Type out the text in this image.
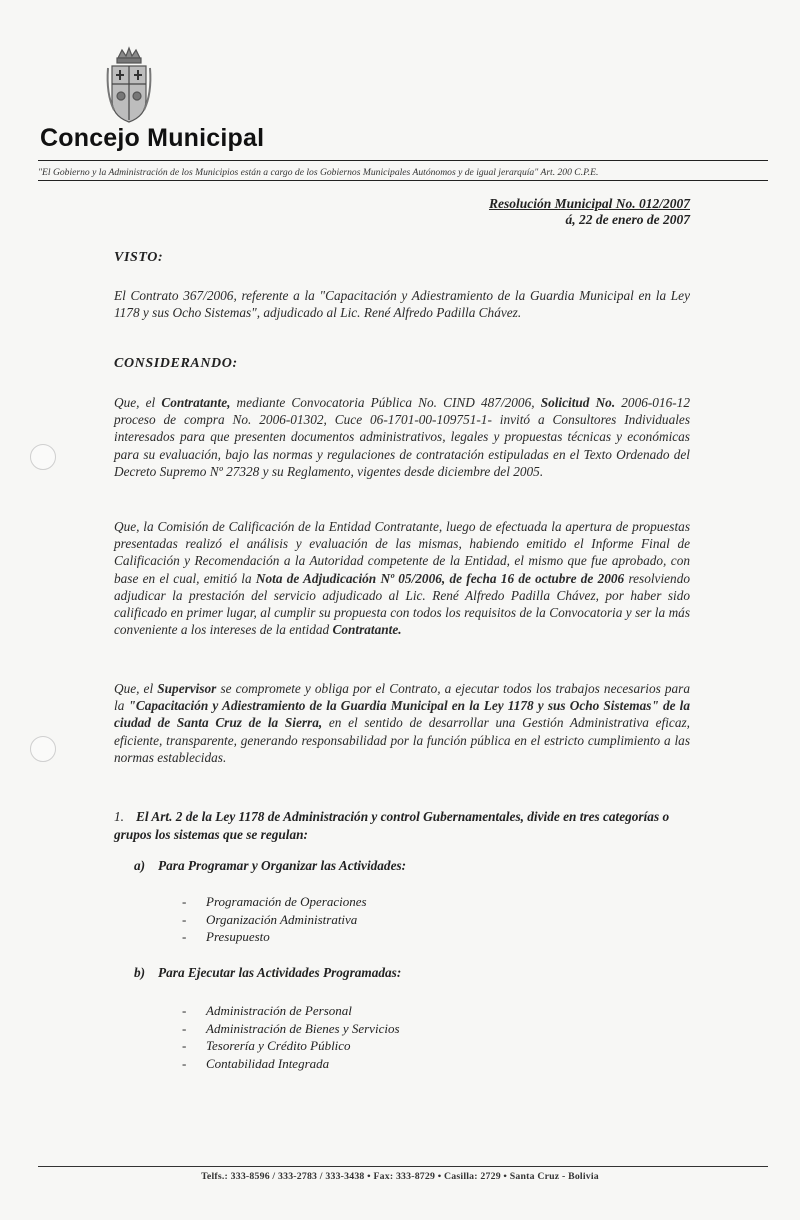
Concejo Municipal
"El Gobierno y la Administración de los Municipios están a cargo de los Gobiernos Municipales Autónomos y de igual jerarquía" Art. 200 C.P.E.
Resolución Municipal No. 012/2007
á, 22 de enero de 2007
VISTO:
El Contrato 367/2006, referente a la "Capacitación y Adiestramiento de la Guardia Municipal en la Ley 1178 y sus Ocho Sistemas", adjudicado al Lic. René Alfredo Padilla Chávez.
CONSIDERANDO:
Que, el Contratante, mediante Convocatoria Pública No. CIND 487/2006, Solicitud No. 2006-016-12 proceso de compra No. 2006-01302, Cuce 06-1701-00-109751-1- invitó a Consultores Individuales interesados para que presenten documentos administrativos, legales y propuestas técnicas y económicas para su evaluación, bajo las normas y regulaciones de contratación estipuladas en el Texto Ordenado del Decreto Supremo Nº 27328 y su Reglamento, vigentes desde diciembre del 2005.
Que, la Comisión de Calificación de la Entidad Contratante, luego de efectuada la apertura de propuestas presentadas realizó el análisis y evaluación de las mismas, habiendo emitido el Informe Final de Calificación y Recomendación a la Autoridad competente de la Entidad, el mismo que fue aprobado, con base en el cual, emitió la Nota de Adjudicación Nº 05/2006, de fecha 16 de octubre de 2006 resolviendo adjudicar la prestación del servicio adjudicado al Lic. René Alfredo Padilla Chávez, por haber sido calificado en primer lugar, al cumplir su propuesta con todos los requisitos de la Convocatoria y ser la más conveniente a los intereses de la entidad Contratante.
Que, el Supervisor se compromete y obliga por el Contrato, a ejecutar todos los trabajos necesarios para la "Capacitación y Adiestramiento de la Guardia Municipal en la Ley 1178 y sus Ocho Sistemas" de la ciudad de Santa Cruz de la Sierra, en el sentido de desarrollar una Gestión Administrativa eficaz, eficiente, transparente, generando responsabilidad por la función pública en el estricto cumplimiento a las normas establecidas.
1. El Art. 2 de la Ley 1178 de Administración y control Gubernamentales, divide en tres categorías o grupos los sistemas que se regulan:
a) Para Programar y Organizar las Actividades:
-	Programación de Operaciones
-	Organización Administrativa
-	Presupuesto
b) Para Ejecutar las Actividades Programadas:
-	Administración de Personal
-	Administración de Bienes y Servicios
-	Tesorería y Crédito Público
-	Contabilidad Integrada
Telfs.: 333-8596 / 333-2783 / 333-3438 • Fax: 333-8729 • Casilla: 2729 • Santa Cruz - Bolivia
